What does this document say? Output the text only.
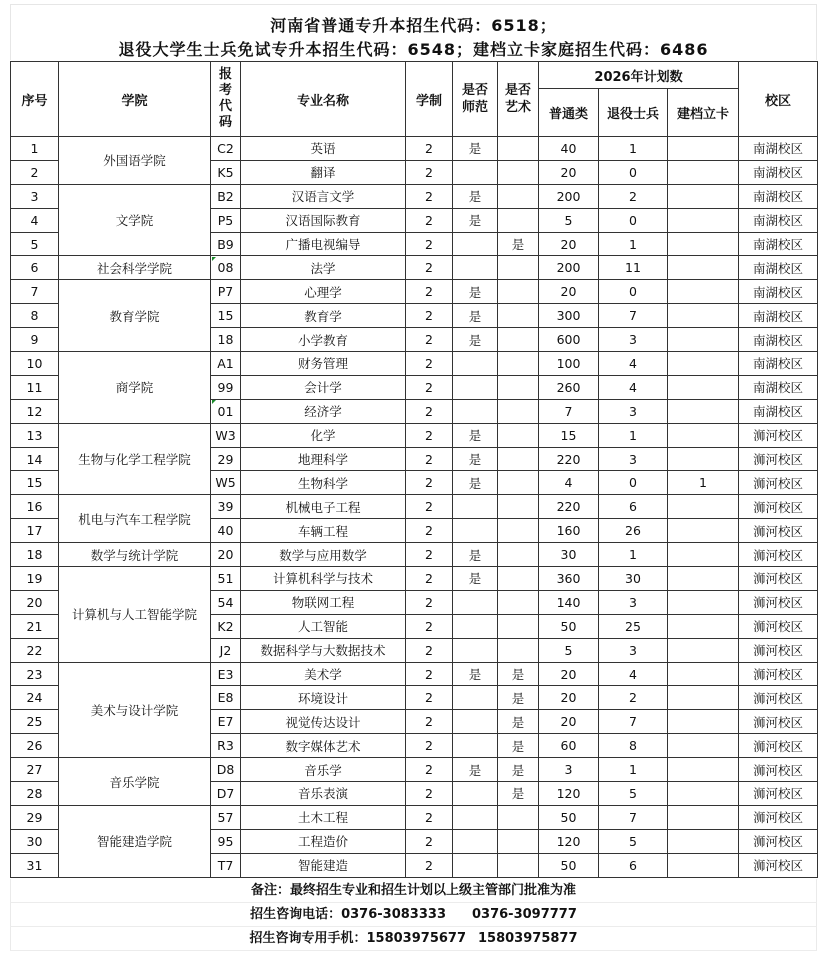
河南省普通专升本招生代码：6518；
退役大学生士兵免试专升本招生代码：6548；建档立卡家庭招生代码：6486
序号	学院	报考代码	专业名称	学制	是否师范	是否艺术	2026年计划数			校区
							普通类	退役士兵	建档立卡	
1	外国语学院	C2	英语	2	是		40	1		南湖校区
2		K5	翻译	2			20	0		南湖校区
3	文学院	B2	汉语言文学	2	是		200	2		南湖校区
4		P5	汉语国际教育	2	是		5	0		南湖校区
5		B9	广播电视编导	2		是	20	1		南湖校区
6	社会科学学院	08	法学	2			200	11		南湖校区
7	教育学院	P7	心理学	2	是		20	0		南湖校区
8		15	教育学	2	是		300	7		南湖校区
9		18	小学教育	2	是		600	3		南湖校区
10	商学院	A1	财务管理	2			100	4		南湖校区
11		99	会计学	2			260	4		南湖校区
12		01	经济学	2			7	3		南湖校区
13	生物与化学工程学院	W3	化学	2	是		15	1		浉河校区
14		29	地理科学	2	是		220	3		浉河校区
15		W5	生物科学	2	是		4	0	1	浉河校区
16	机电与汽车工程学院	39	机械电子工程	2			220	6		浉河校区
17		40	车辆工程	2			160	26		浉河校区
18	数学与统计学院	20	数学与应用数学	2	是		30	1		浉河校区
19	计算机与人工智能学院	51	计算机科学与技术	2	是		360	30		浉河校区
20		54	物联网工程	2			140	3		浉河校区
21		K2	人工智能	2			50	25		浉河校区
22		J2	数据科学与大数据技术	2			5	3		浉河校区
23	美术与设计学院	E3	美术学	2	是	是	20	4		浉河校区
24		E8	环境设计	2		是	20	2		浉河校区
25		E7	视觉传达设计	2		是	20	7		浉河校区
26		R3	数字媒体艺术	2		是	60	8		浉河校区
27	音乐学院	D8	音乐学	2	是	是	3	1		浉河校区
28		D7	音乐表演	2		是	120	5		浉河校区
29	智能建造学院	57	土木工程	2			50	7		浉河校区
30		95	工程造价	2			120	5		浉河校区
31		T7	智能建造	2			50	6		浉河校区
备注：最终招生专业和招生计划以上级主管部门批准为准
招生咨询电话：0376-3083333 0376-3097777
招生咨询专用手机：15803975677 15803975877
